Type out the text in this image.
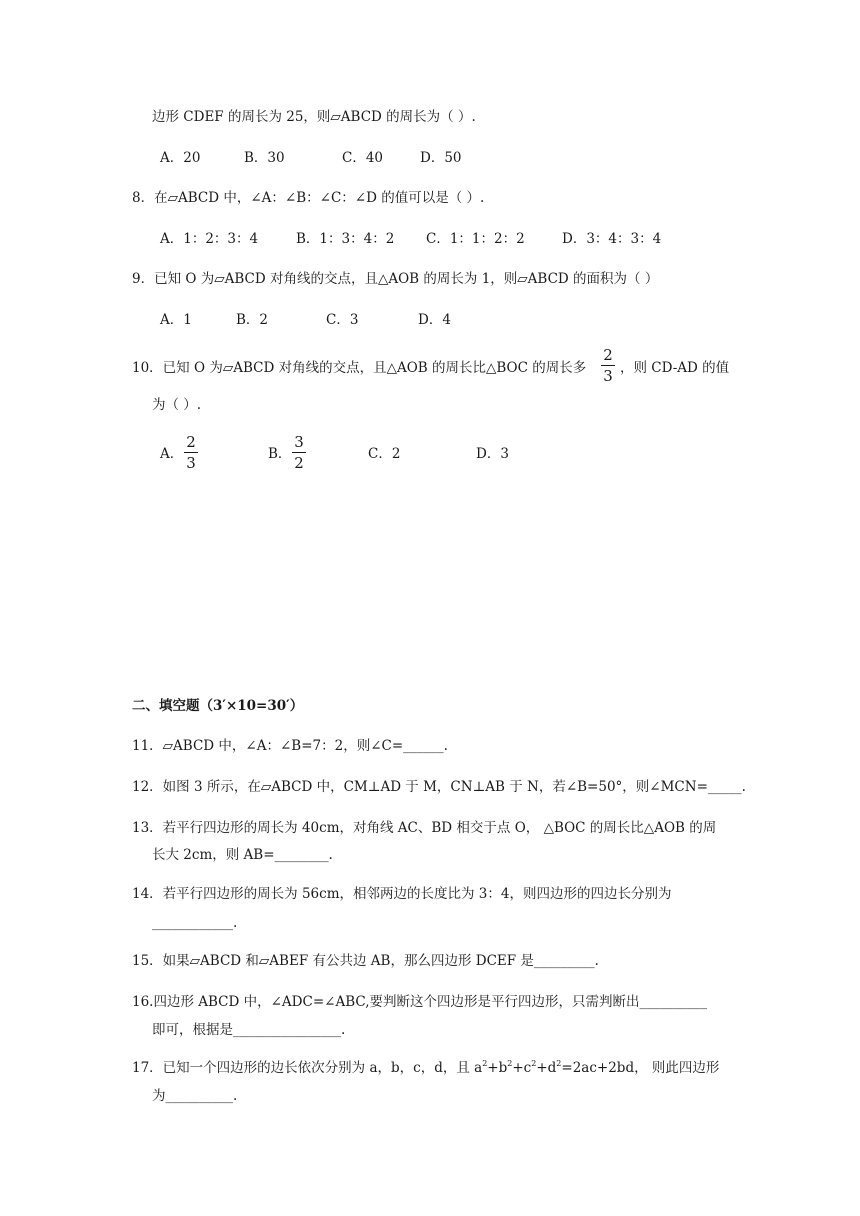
边形 CDEF 的周长为 25，则▱ABCD 的周长为（ ）.
A．20	B．30	C．40	D．50
8．在▱ABCD 中，∠A：∠B：∠C：∠D 的值可以是（ ）.
A．1：2：3：4	B．1：3：4：2 C．1：1：2：2	D．3：4：3：4
9．已知 O 为▱ABCD 对角线的交点，且△AOB 的周长为 1，则▱ABCD 的面积为（ ）
A．1	B．2	C．3	D．4
10．已知 O 为▱ABCD 对角线的交点，且△AOB 的周长比△BOC 的周长多
2
3 ，则 CD-AD 的值
为（ ）.
A．
2
3	B．
3
2	C．2	D．3
二、填空题（3′×10=30′）
11．▱ABCD 中，∠A：∠B=7：2，则∠C=______.
12．如图 3 所示，在▱ABCD 中，CM⊥AD 于 M，CN⊥AB 于 N，若∠B=50°，则∠MCN=_____.
13．若平行四边形的周长为 40cm，对角线 AC、BD 相交于点 O， △BOC 的周长比△AOB 的周
长大 2cm，则 AB=________.
14．若平行四边形的周长为 56cm，相邻两边的长度比为 3：4，则四边形的四边长分别为
____________.
15．如果▱ABCD 和▱ABEF 有公共边 AB，那么四边形 DCEF 是_________.
16.四边形 ABCD 中，∠ADC=∠ABC,要判断这个四边形是平行四边形，只需判断出__________
即可，根据是________________.
17．已知一个四边形的边长依次分别为 a，b，c，d，且 $a^2+b^2+c^2+d^2=2ac+2bd$， 则此四边形
为__________.
